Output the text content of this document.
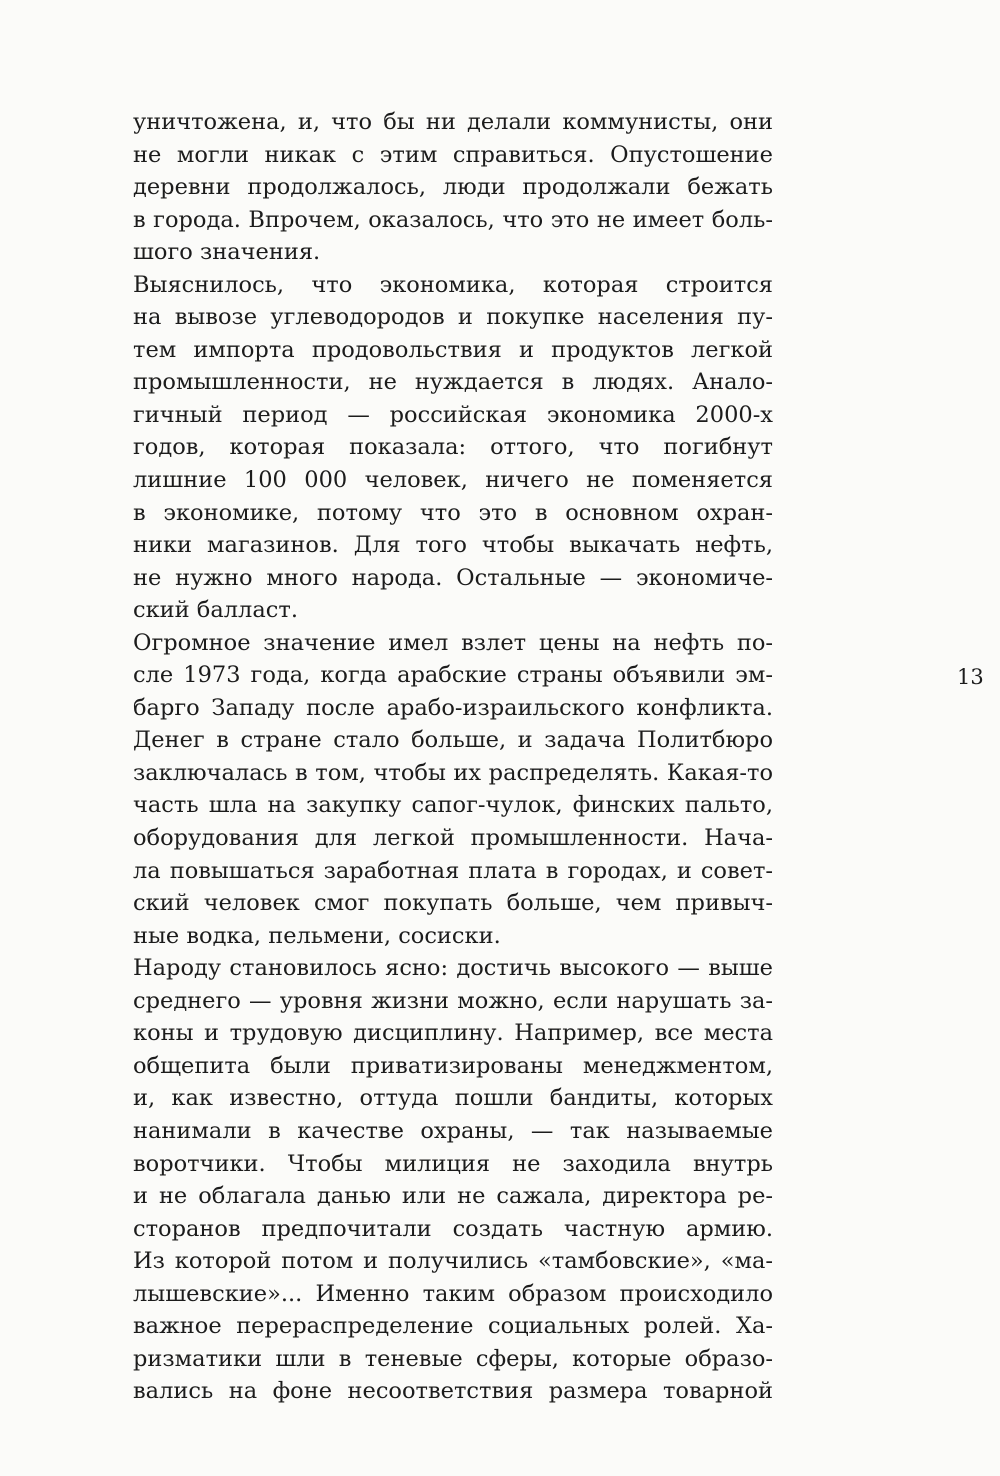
уничтожена, и, что бы ни делали коммунисты, они
не могли никак с этим справиться. Опустошение
деревни продолжалось, люди продолжали бежать
в города. Впрочем, оказалось, что это не имеет боль-
шого значения.
Выяснилось, что экономика, которая строится
на вывозе углеводородов и покупке населения пу-
тем импорта продовольствия и продуктов легкой
промышленности, не нуждается в людях. Анало-
гичный период — российская экономика 2000-х
годов, которая показала: оттого, что погибнут
лишние 100 000 человек, ничего не поменяется
в экономике, потому что это в основном охран-
ники магазинов. Для того чтобы выкачать нефть,
не нужно много народа. Остальные — экономиче-
ский балласт.
Огромное значение имел взлет цены на нефть по-
сле 1973 года, когда арабские страны объявили эм-
барго Западу после арабо-израильского конфликта.
Денег в стране стало больше, и задача Политбюро
заключалась в том, чтобы их распределять. Какая-то
часть шла на закупку сапог-чулок, финских пальто,
оборудования для легкой промышленности. Нача-
ла повышаться заработная плата в городах, и совет-
ский человек смог покупать больше, чем привыч-
ные водка, пельмени, сосиски.
Народу становилось ясно: достичь высокого — выше
среднего — уровня жизни можно, если нарушать за-
коны и трудовую дисциплину. Например, все места
общепита были приватизированы менеджментом,
и, как известно, оттуда пошли бандиты, которых
нанимали в качестве охраны, — так называемые
воротчики. Чтобы милиция не заходила внутрь
и не облагала данью или не сажала, директора ре-
сторанов предпочитали создать частную армию.
Из которой потом и получились «тамбовские», «ма-
лышевские»... Именно таким образом происходило
важное перераспределение социальных ролей. Ха-
ризматики шли в теневые сферы, которые образо-
вались на фоне несоответствия размера товарной
13
